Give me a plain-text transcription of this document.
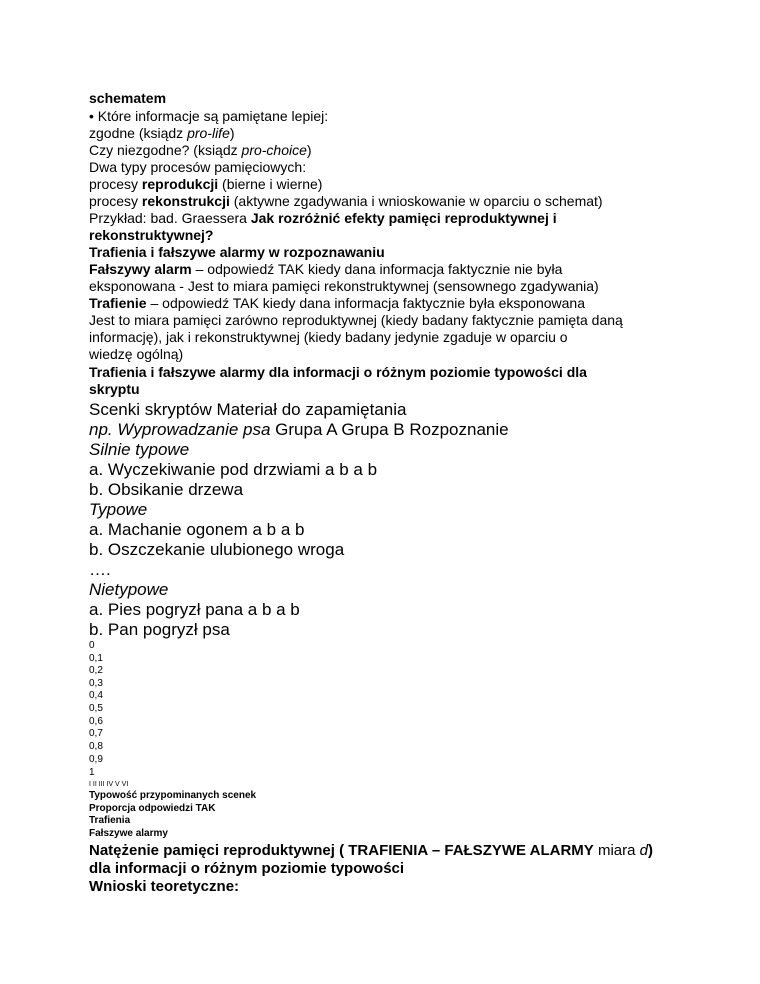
schematem
• Które informacje są pamiętane lepiej:
zgodne (ksiądz pro-life)
Czy niezgodne? (ksiądz pro-choice)
Dwa typy procesów pamięciowych:
procesy reprodukcji (bierne i wierne)
procesy rekonstrukcji (aktywne zgadywania i wnioskowanie w oparciu o schemat)
Przykład: bad. Graessera Jak rozróżnić efekty pamięci reproduktywnej i
rekonstruktywnej?
Trafienia i fałszywe alarmy w rozpoznawaniu
Fałszywy alarm – odpowiedź TAK kiedy dana informacja faktycznie nie była
eksponowana - Jest to miara pamięci rekonstruktywnej (sensownego zgadywania)
Trafienie – odpowiedź TAK kiedy dana informacja faktycznie była eksponowana
Jest to miara pamięci zarówno reproduktywnej (kiedy badany faktycznie pamięta daną
informację), jak i rekonstruktywnej (kiedy badany jedynie zgaduje w oparciu o
wiedzę ogólną)
Trafienia i fałszywe alarmy dla informacji o różnym poziomie typowości dla
skryptu
Scenki skryptów Materiał do zapamiętania
np. Wyprowadzanie psa Grupa A Grupa B Rozpoznanie
Silnie typowe
a. Wyczekiwanie pod drzwiami a b a b
b. Obsikanie drzewa
Typowe
a. Machanie ogonem a b a b
b. Oszczekanie ulubionego wroga
….
Nietypowe
a. Pies pogryzł pana a b a b
b. Pan pogryzł psa
0
0,1
0,2
0,3
0,4
0,5
0,6
0,7
0,8
0,9
1
I II III IV V VI
Typowość przypominanych scenek
Proporcja odpowiedzi TAK
Trafienia
Fałszywe alarmy
Natężenie pamięci reproduktywnej ( TRAFIENIA – FAŁSZYWE ALARMY miara d)
dla informacji o różnym poziomie typowości
Wnioski teoretyczne:
